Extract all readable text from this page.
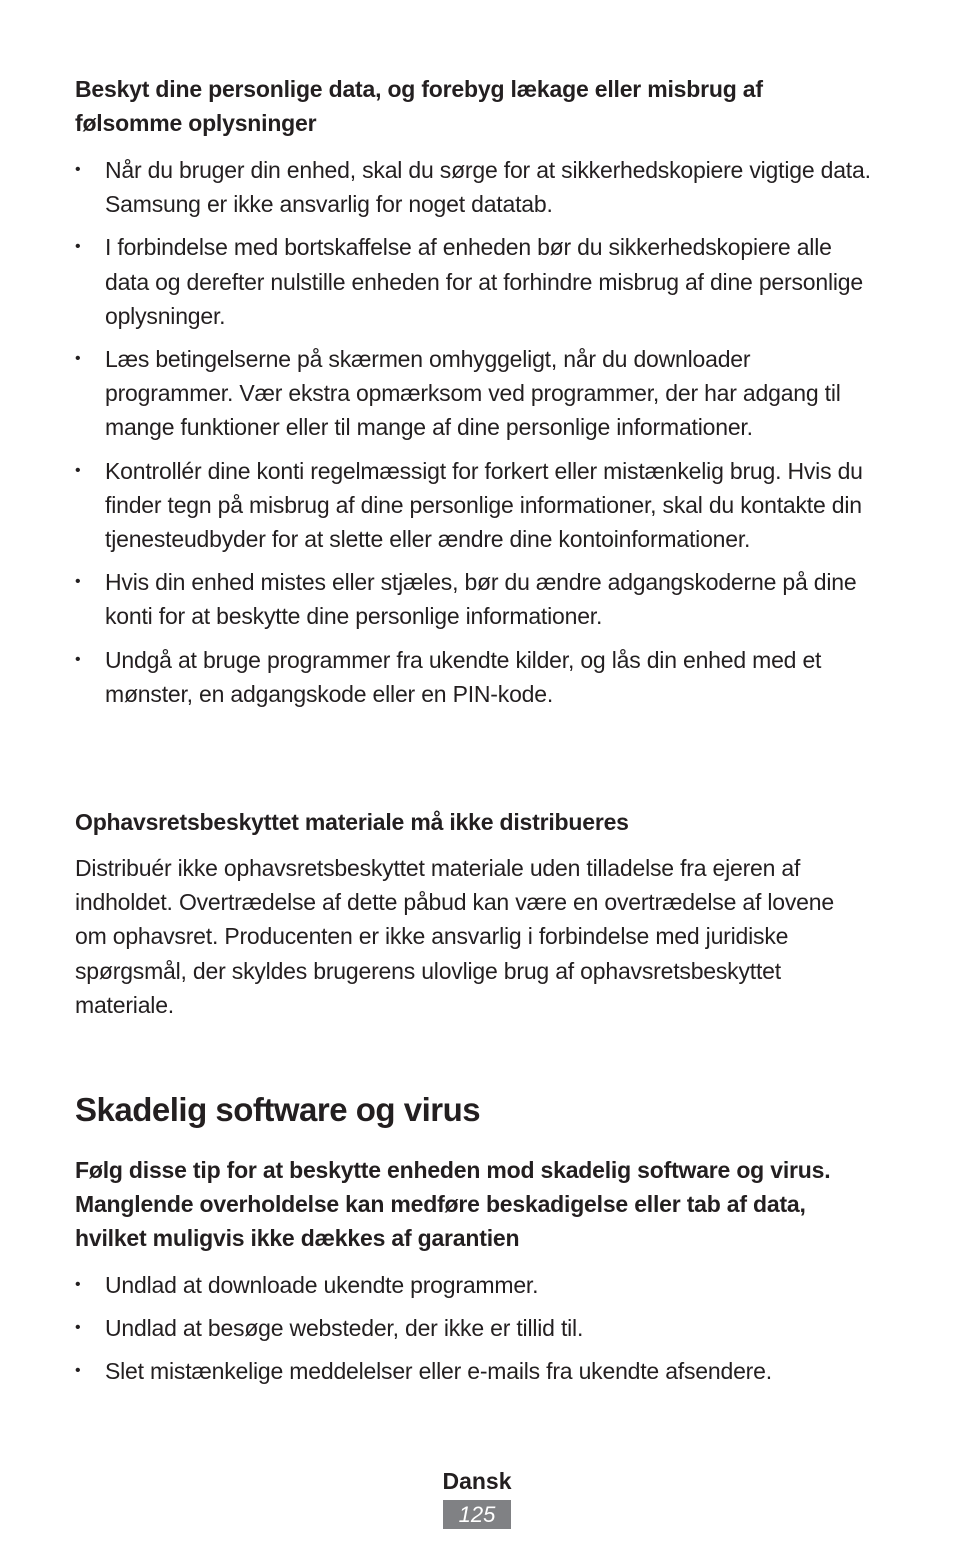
Beskyt dine personlige data, og forebyg lækage eller misbrug af følsomme oplysninger
• Når du bruger din enhed, skal du sørge for at sikkerhedskopiere vigtige data. Samsung er ikke ansvarlig for noget datatab.
• I forbindelse med bortskaffelse af enheden bør du sikkerhedskopiere alle data og derefter nulstille enheden for at forhindre misbrug af dine personlige oplysninger.
• Læs betingelserne på skærmen omhyggeligt, når du downloader programmer. Vær ekstra opmærksom ved programmer, der har adgang til mange funktioner eller til mange af dine personlige informationer.
• Kontrollér dine konti regelmæssigt for forkert eller mistænkelig brug. Hvis du finder tegn på misbrug af dine personlige informationer, skal du kontakte din tjenesteudbyder for at slette eller ændre dine kontoinformationer.
• Hvis din enhed mistes eller stjæles, bør du ændre adgangskoderne på dine konti for at beskytte dine personlige informationer.
• Undgå at bruge programmer fra ukendte kilder, og lås din enhed med et mønster, en adgangskode eller en PIN-kode.
Ophavsretsbeskyttet materiale må ikke distribueres

Distribuér ikke ophavsretsbeskyttet materiale uden tilladelse fra ejeren af indholdet. Overtrædelse af dette påbud kan være en overtrædelse af lovene om ophavsret. Producenten er ikke ansvarlig i forbindelse med juridiske spørgsmål, der skyldes brugerens ulovlige brug af ophavsretsbeskyttet materiale.

Skadelig software og virus
Følg disse tip for at beskytte enheden mod skadelig software og virus. Manglende overholdelse kan medføre beskadigelse eller tab af data, hvilket muligvis ikke dækkes af garantien
• Undlad at downloade ukendte programmer.
• Undlad at besøge websteder, der ikke er tillid til.
• Slet mistænkelige meddelelser eller e-mails fra ukendte afsendere.
Dansk
125
